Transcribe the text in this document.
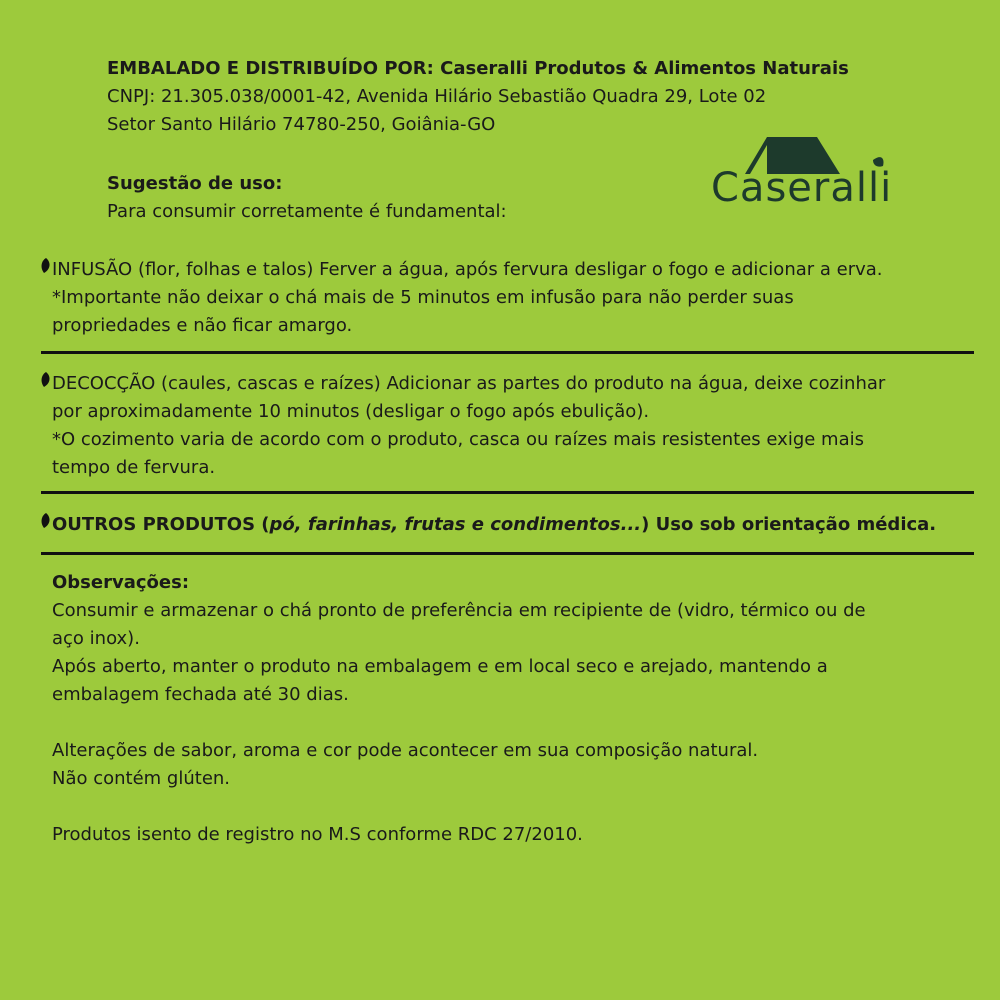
EMBALADO E DISTRIBUÍDO POR: Caseralli Produtos & Alimentos Naturais
CNPJ: 21.305.038/0001-42, Avenida Hilário Sebastião Quadra 29, Lote 02
Setor Santo Hilário 74780-250, Goiânia-GO
Sugestão de uso:
Para consumir corretamente é fundamental:
Caseralli
INFUSÃO (flor, folhas e talos) Ferver a água, após fervura desligar o fogo e adicionar a erva.
*Importante não deixar o chá mais de 5 minutos em infusão para não perder suas
propriedades e não ficar amargo.
DECOCÇÃO (caules, cascas e raízes) Adicionar as partes do produto na água, deixe cozinhar
por aproximadamente 10 minutos (desligar o fogo após ebulição).
*O cozimento varia de acordo com o produto, casca ou raízes mais resistentes exige mais
tempo de fervura.
OUTROS PRODUTOS (pó, farinhas, frutas e condimentos...) Uso sob orientação médica.
Observações:
Consumir e armazenar o chá pronto de preferência em recipiente de (vidro, térmico ou de
aço inox).
Após aberto, manter o produto na embalagem e em local seco e arejado, mantendo a
embalagem fechada até 30 dias.
Alterações de sabor, aroma e cor pode acontecer em sua composição natural.
Não contém glúten.
Produtos isento de registro no M.S conforme RDC 27/2010.
